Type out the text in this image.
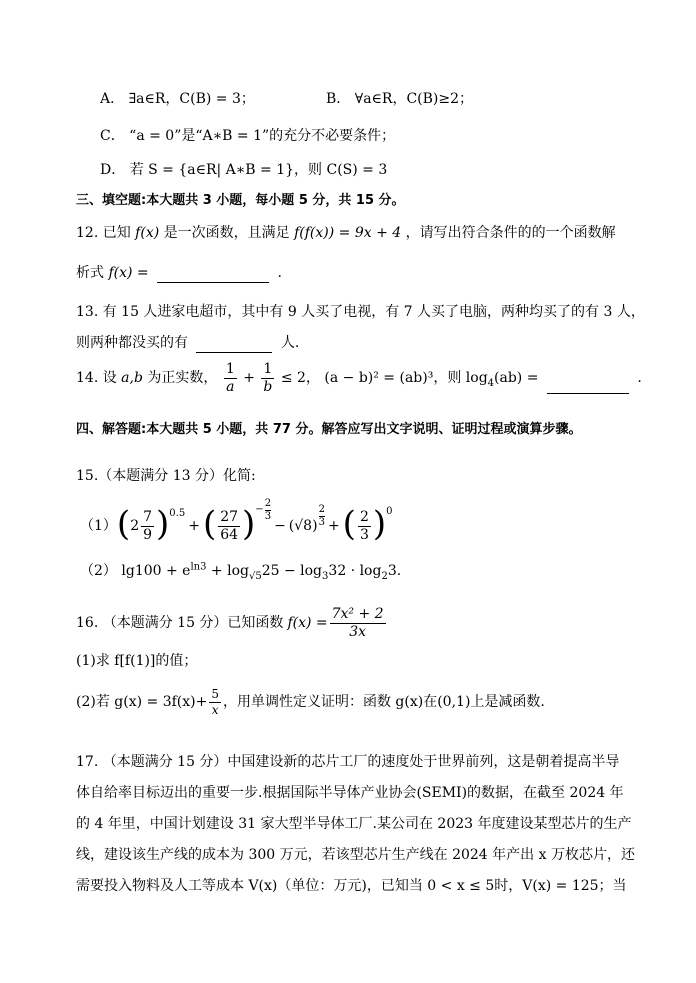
A． ∃a∈R，C(B) = 3；	B． ∀a∈R，C(B)≥2；
C． “a = 0”是“A∗B = 1”的充分不必要条件；
D． 若 S = {a∈R| A∗B = 1}，则 C(S) = 3
三、填空题:本大题共 3 小题，每小题 5 分，共 15 分。
12. 已知 f(x) 是一次函数，且满足 f(f(x)) = 9x + 4 ，请写出符合条件的的一个函数解
析式 f(x) =	.
13. 有 15 人进家电超市，其中有 9 人买了电视，有 7 人买了电脑，两种均买了的有 3 人，
则两种都没买的有	人.
14. 设 a,b 为正实数， $\frac{1}{a} + \frac{1}{b} \le 2$， (a − b)² = (ab)³，则 $\log_4(ab)$ =	.
四、解答题:本大题共 5 小题，共 77 分。解答应写出文字说明、证明过程或演算步骤。
15.（本题满分 13 分）化简:
（1） ( $2 \frac{7}{9}$ ) 0.5
+ ( $\frac{27}{64}$ ) − $\frac{2}{3}$
− $(√8) \frac{2}{3}$ + ( $\frac{2}{3}$ ) 0
（2） $\lg 100 + e^{ln3} + \log_{√5}25 - \log_332 \cdot \log_23$.
16. （本题满分 15 分）已知函数 $f(x) = \frac{\text{7x² + 2}}{3x}$
(1)求 f[f(1)]的值；
(2)若 $g(x) = 3f(x)+ \frac{5}{x}$ ，用单调性定义证明：函数 g(x)在(0,1)上是减函数.
17. （本题满分 15 分）中国建设新的芯片工厂的速度处于世界前列，这是朝着提高半导
体自给率目标迈出的重要一步.根据国际半导体产业协会(SEMI)的数据，在截至 2024 年
的 4 年里，中国计划建设 31 家大型半导体工厂.某公司在 2023 年度建设某型芯片的生产
线，建设该生产线的成本为 300 万元，若该型芯片生产线在 2024 年产出 x 万枚芯片，还
需要投入物料及人工等成本 V(x)（单位：万元)，已知当 0 < x ≤ 5时，V(x) = 125；当
